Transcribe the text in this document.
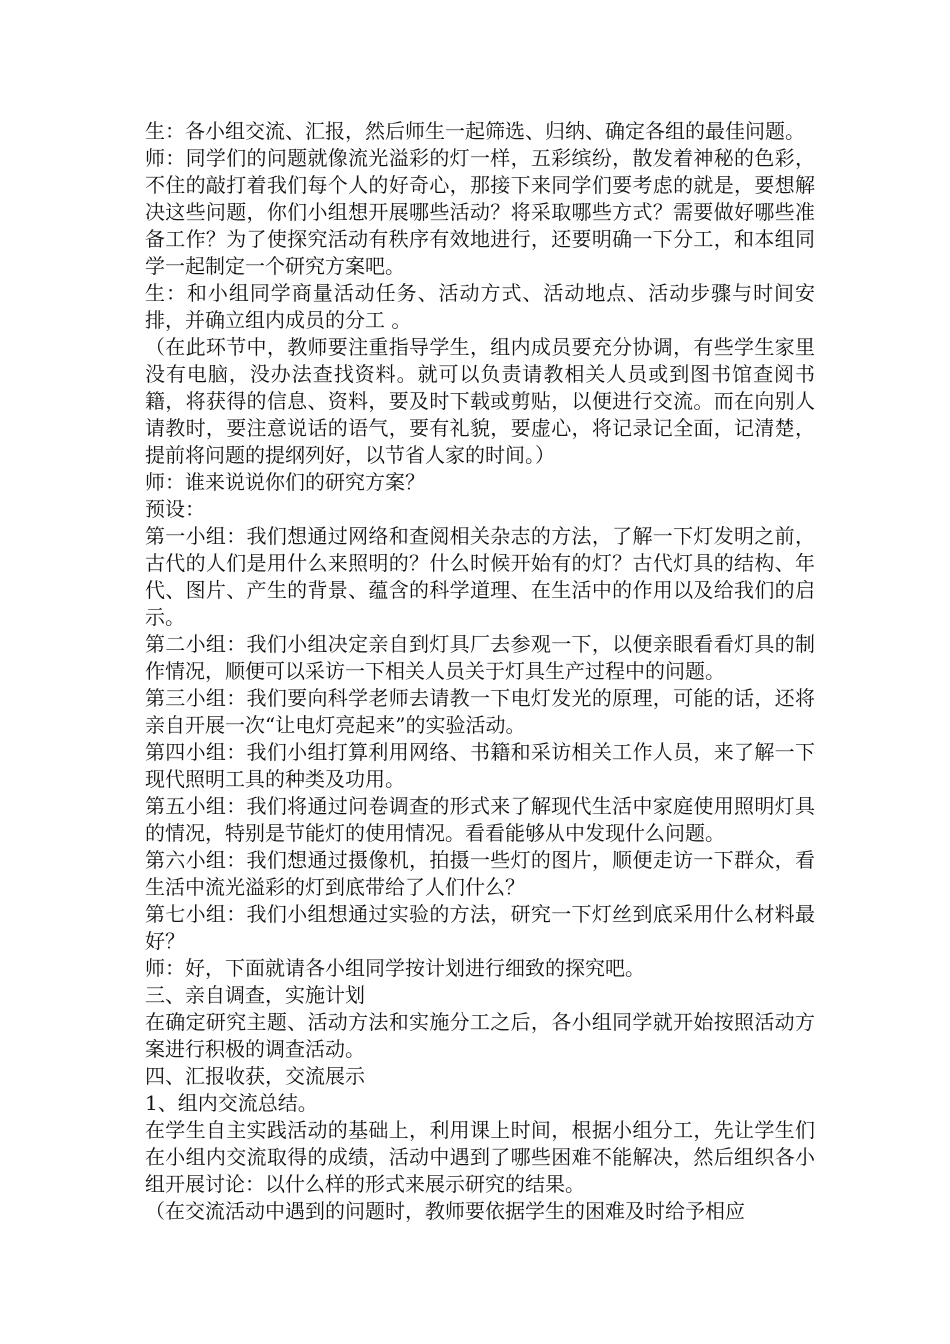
生：各小组交流、汇报，然后师生一起筛选、归纳、确定各组的最佳问题。

师：同学们的问题就像流光溢彩的灯一样，五彩缤纷，散发着神秘的色彩，不住的敲打着我们每个人的好奇心，那接下来同学们要考虑的就是，要想解决这些问题，你们小组想开展哪些活动？将采取哪些方式？需要做好哪些准备工作？为了使探究活动有秩序有效地进行，还要明确一下分工，和本组同学一起制定一个研究方案吧。

生：和小组同学商量活动任务、活动方式、活动地点、活动步骤与时间安排，并确立组内成员的分工 。

（在此环节中，教师要注重指导学生，组内成员要充分协调，有些学生家里没有电脑，没办法查找资料。就可以负责请教相关人员或到图书馆查阅书籍，将获得的信息、资料，要及时下载或剪贴，以便进行交流。而在向别人请教时，要注意说话的语气，要有礼貌，要虚心，将记录记全面，记清楚，提前将问题的提纲列好，以节省人家的时间。）

师：谁来说说你们的研究方案？

预设：

第一小组：我们想通过网络和查阅相关杂志的方法，了解一下灯发明之前，古代的人们是用什么来照明的？什么时候开始有的灯？古代灯具的结构、年代、图片、产生的背景、蕴含的科学道理、在生活中的作用以及给我们的启示。

第二小组：我们小组决定亲自到灯具厂去参观一下，以便亲眼看看灯具的制作情况，顺便可以采访一下相关人员关于灯具生产过程中的问题。

第三小组：我们要向科学老师去请教一下电灯发光的原理，可能的话，还将亲自开展一次“让电灯亮起来”的实验活动。

第四小组：我们小组打算利用网络、书籍和采访相关工作人员，来了解一下现代照明工具的种类及功用。

第五小组：我们将通过问卷调查的形式来了解现代生活中家庭使用照明灯具的情况，特别是节能灯的使用情况。看看能够从中发现什么问题。

第六小组：我们想通过摄像机，拍摄一些灯的图片，顺便走访一下群众，看生活中流光溢彩的灯到底带给了人们什么？

第七小组：我们小组想通过实验的方法，研究一下灯丝到底采用什么材料最好？

师：好，下面就请各小组同学按计划进行细致的探究吧。

三、亲自调查，实施计划

在确定研究主题、活动方法和实施分工之后，各小组同学就开始按照活动方案进行积极的调查活动。

四、汇报收获，交流展示

1、组内交流总结。

在学生自主实践活动的基础上，利用课上时间，根据小组分工，先让学生们在小组内交流取得的成绩，活动中遇到了哪些困难不能解决，然后组织各小组开展讨论：以什么样的形式来展示研究的结果。

（在交流活动中遇到的问题时，教师要依据学生的困难及时给予相应
